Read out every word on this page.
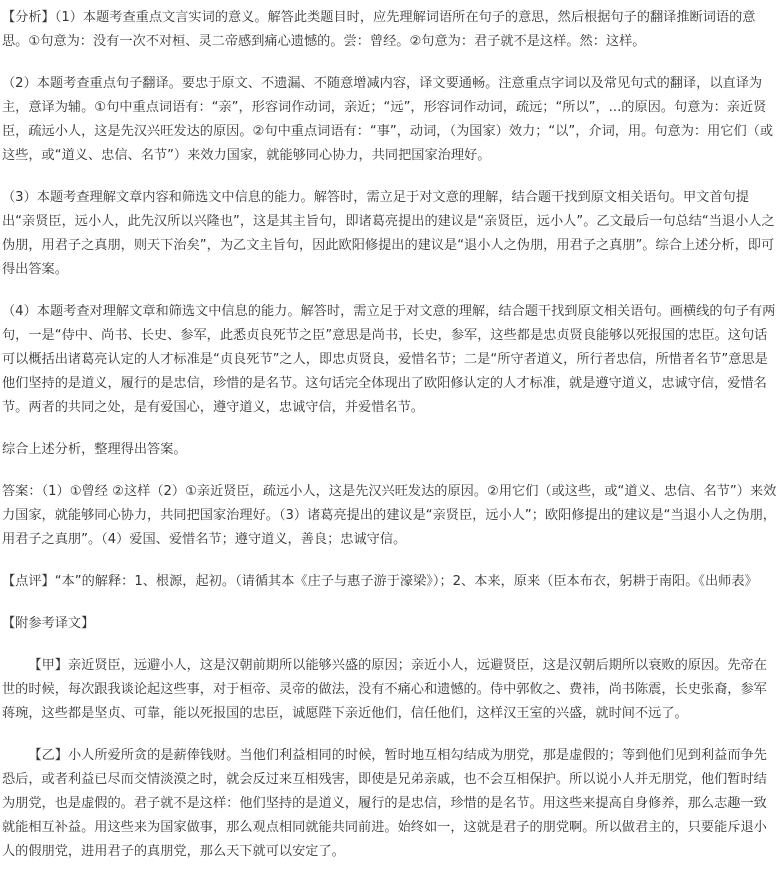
【分析】（1）本题考查重点文言实词的意义。解答此类题目时，应先理解词语所在句子的意思，然后根据句子的翻译推断词语的意思。①句意为：没有一次不对桓、灵二帝感到痛心遗憾的。尝：曾经。②句意为：君子就不是这样。然：这样。

（2）本题考查重点句子翻译。要忠于原文、不遗漏、不随意增减内容，译文要通畅。注意重点字词以及常见句式的翻译，以直译为主，意译为辅。①句中重点词语有：“亲”，形容词作动词，亲近；“远”，形容词作动词，疏远；“所以”，...的原因。句意为：亲近贤臣，疏远小人，这是先汉兴旺发达的原因。②句中重点词语有：“事”，动词，（为国家）效力；“以”，介词，用。句意为：用它们（或这些，或“道义、忠信、名节”）来效力国家，就能够同心协力，共同把国家治理好。

（3）本题考查理解文章内容和筛选文中信息的能力。解答时，需立足于对文意的理解，结合题干找到原文相关语句。甲文首句提出“亲贤臣，远小人，此先汉所以兴隆也”，这是其主旨句，即诸葛亮提出的建议是“亲贤臣，远小人”。乙文最后一句总结“当退小人之伪朋，用君子之真朋，则天下治矣”，为乙文主旨句，因此欧阳修提出的建议是“退小人之伪朋，用君子之真朋”。综合上述分析，即可得出答案。

（4）本题考查对理解文章和筛选文中信息的能力。解答时，需立足于对文意的理解，结合题干找到原文相关语句。画横线的句子有两句，一是“侍中、尚书、长史、参军，此悉贞良死节之臣”意思是尚书，长史，参军，这些都是忠贞贤良能够以死报国的忠臣。这句话可以概括出诸葛亮认定的人才标准是“贞良死节”之人，即忠贞贤良，爱惜名节；二是“所守者道义，所行者忠信，所惜者名节”意思是他们坚持的是道义，履行的是忠信，珍惜的是名节。这句话完全体现出了欧阳修认定的人才标准，就是遵守道义，忠诚守信，爱惜名节。两者的共同之处，是有爱国心，遵守道义，忠诚守信，并爱惜名节。

综合上述分析，整理得出答案。

答案：（1）①曾经 ②这样（2）①亲近贤臣，疏远小人，这是先汉兴旺发达的原因。②用它们（或这些，或“道义、忠信、名节”）来效力国家，就能够同心协力，共同把国家治理好。（3）诸葛亮提出的建议是“亲贤臣，远小人”；欧阳修提出的建议是“当退小人之伪朋，用君子之真朋”。（4）爱国、爱惜名节；遵守道义，善良；忠诚守信。

【点评】“本”的解释：1、根源，起初。（请循其本《庄子与惠子游于濠梁》）；2、本来，原来（臣本布衣，躬耕于南阳。《出师表》

【附参考译文】

【甲】亲近贤臣，远避小人，这是汉朝前期所以能够兴盛的原因；亲近小人，远避贤臣，这是汉朝后期所以衰败的原因。先帝在世的时候，每次跟我谈论起这些事，对于桓帝、灵帝的做法，没有不痛心和遗憾的。侍中郭攸之、费祎，尚书陈震，长史张裔，参军蒋琬，这些都是坚贞、可靠，能以死报国的忠臣，诚愿陛下亲近他们，信任他们，这样汉王室的兴盛，就时间不远了。

【乙】小人所爱所贪的是薪俸钱财。当他们利益相同的时候，暂时地互相勾结成为朋党，那是虚假的；等到他们见到利益而争先恐后，或者利益已尽而交情淡漠之时，就会反过来互相残害，即使是兄弟亲戚，也不会互相保护。所以说小人并无朋党，他们暂时结为朋党，也是虚假的。君子就不是这样：他们坚持的是道义，履行的是忠信，珍惜的是名节。用这些来提高自身修养，那么志趣一致就能相互补益。用这些来为国家做事，那么观点相同就能共同前进。始终如一，这就是君子的朋党啊。所以做君主的，只要能斥退小人的假朋党，进用君子的真朋党，那么天下就可以安定了。
